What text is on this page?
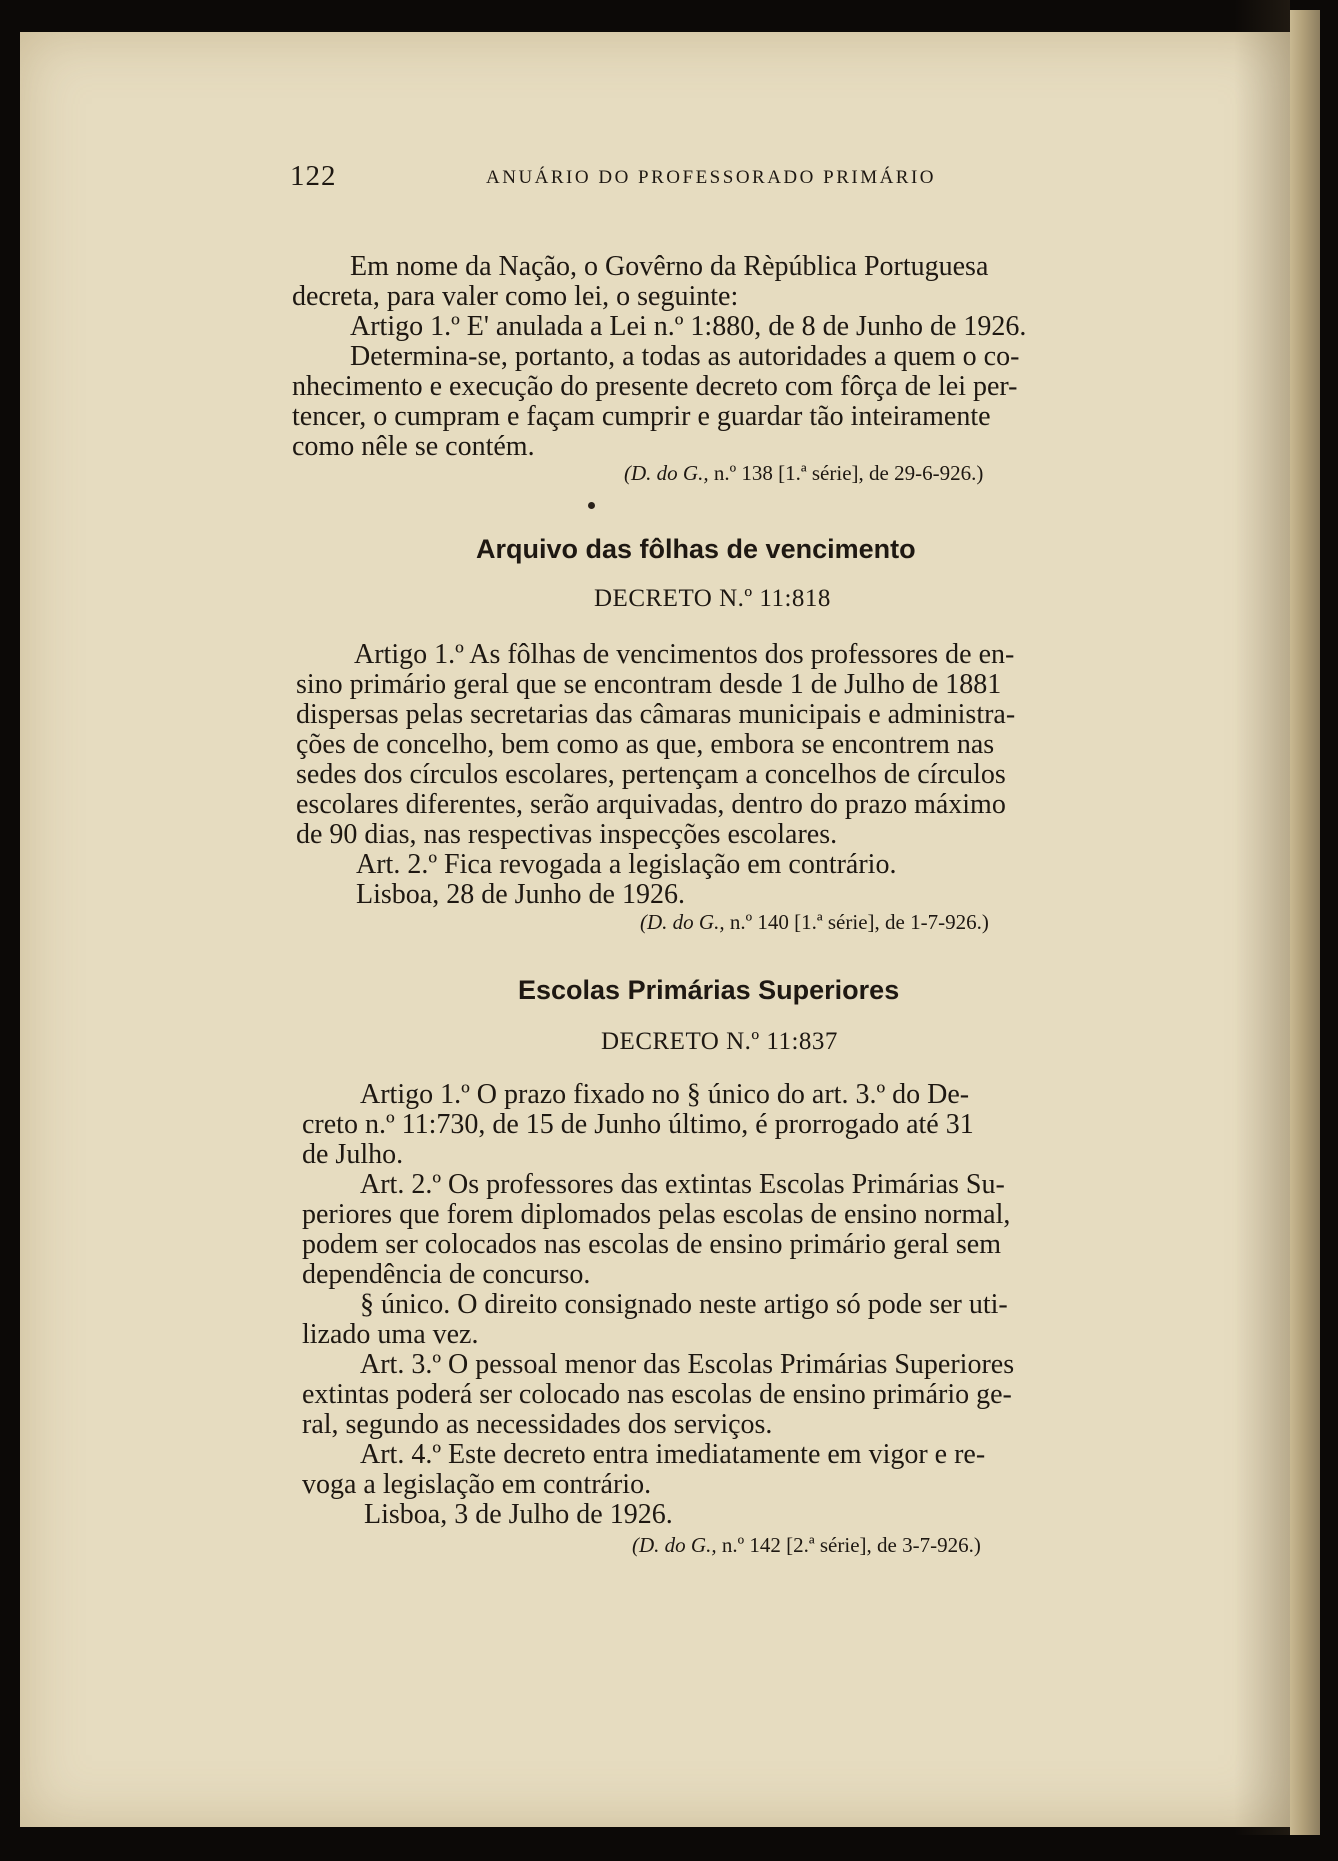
122	ANUÁRIO DO PROFESSORADO PRIMÁRIO
Em nome da Nação, o Govêrno da Rèpública Portuguesa
decreta, para valer como lei, o seguinte:
Artigo 1.º E' anulada a Lei n.º 1:880, de 8 de Junho de 1926.
Determina-se, portanto, a todas as autoridades a quem o co-
nhecimento e execução do presente decreto com fôrça de lei per-
tencer, o cumpram e façam cumprir e guardar tão inteiramente
como nêle se contém.
(D. do G., n.º 138 [1.ª série], de 29-6-926.)
Arquivo das fôlhas de vencimento
DECRETO N.º 11:818
Artigo 1.º As fôlhas de vencimentos dos professores de en-
sino primário geral que se encontram desde 1 de Julho de 1881
dispersas pelas secretarias das câmaras municipais e administra-
ções de concelho, bem como as que, embora se encontrem nas
sedes dos círculos escolares, pertençam a concelhos de círculos
escolares diferentes, serão arquivadas, dentro do prazo máximo
de 90 dias, nas respectivas inspecções escolares.
Art. 2.º Fica revogada a legislação em contrário.
Lisboa, 28 de Junho de 1926.
(D. do G., n.º 140 [1.ª série], de 1-7-926.)
Escolas Primárias Superiores
DECRETO N.º 11:837
Artigo 1.º O prazo fixado no § único do art. 3.º do De-
creto n.º 11:730, de 15 de Junho último, é prorrogado até 31
de Julho.
Art. 2.º Os professores das extintas Escolas Primárias Su-
periores que forem diplomados pelas escolas de ensino normal,
podem ser colocados nas escolas de ensino primário geral sem
dependência de concurso.
§ único. O direito consignado neste artigo só pode ser uti-
lizado uma vez.
Art. 3.º O pessoal menor das Escolas Primárias Superiores
extintas poderá ser colocado nas escolas de ensino primário ge-
ral, segundo as necessidades dos serviços.
Art. 4.º Este decreto entra imediatamente em vigor e re-
voga a legislação em contrário.
Lisboa, 3 de Julho de 1926.
(D. do G., n.º 142 [2.ª série], de 3-7-926.)
